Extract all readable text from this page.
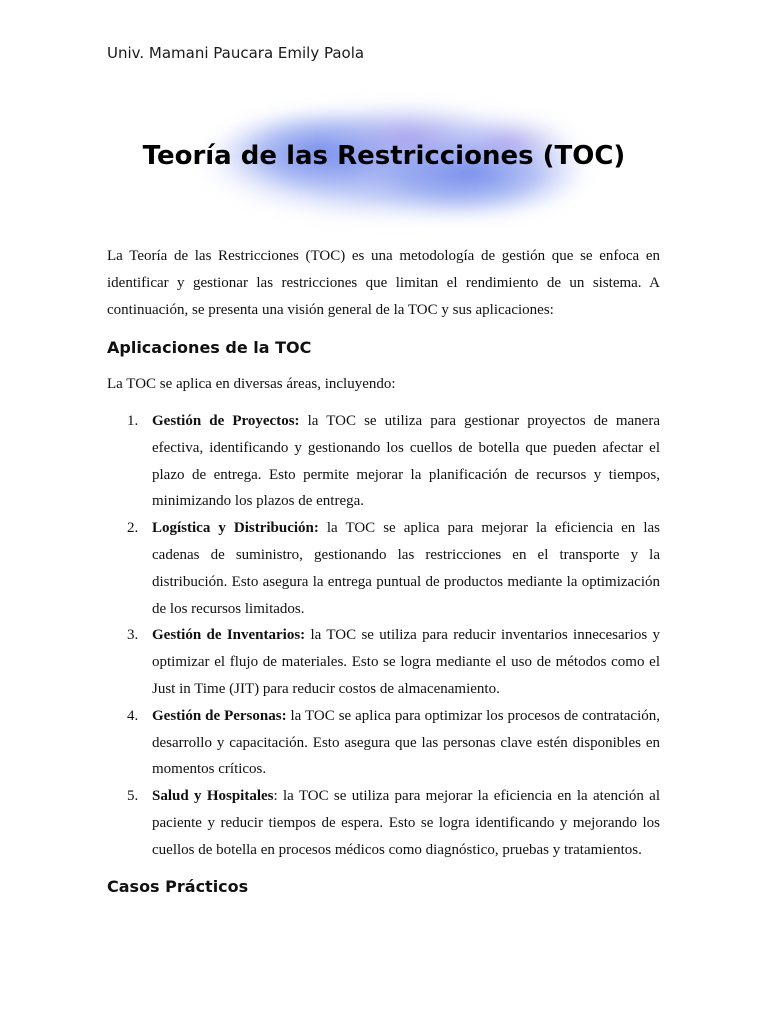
Univ. Mamani Paucara Emily Paola

Teoría de las Restricciones (TOC)

La Teoría de las Restricciones (TOC) es una metodología de gestión que se enfoca en identificar y gestionar las restricciones que limitan el rendimiento de un sistema. A continuación, se presenta una visión general de la TOC y sus aplicaciones:

Aplicaciones de la TOC

La TOC se aplica en diversas áreas, incluyendo:

1. Gestión de Proyectos: la TOC se utiliza para gestionar proyectos de manera efectiva, identificando y gestionando los cuellos de botella que pueden afectar el plazo de entrega. Esto permite mejorar la planificación de recursos y tiempos, minimizando los plazos de entrega.
2. Logística y Distribución: la TOC se aplica para mejorar la eficiencia en las cadenas de suministro, gestionando las restricciones en el transporte y la distribución. Esto asegura la entrega puntual de productos mediante la optimización de los recursos limitados.
3. Gestión de Inventarios: la TOC se utiliza para reducir inventarios innecesarios y optimizar el flujo de materiales. Esto se logra mediante el uso de métodos como el Just in Time (JIT) para reducir costos de almacenamiento.
4. Gestión de Personas: la TOC se aplica para optimizar los procesos de contratación, desarrollo y capacitación. Esto asegura que las personas clave estén disponibles en momentos críticos.
5. Salud y Hospitales: la TOC se utiliza para mejorar la eficiencia en la atención al paciente y reducir tiempos de espera. Esto se logra identificando y mejorando los cuellos de botella en procesos médicos como diagnóstico, pruebas y tratamientos.
Casos Prácticos
